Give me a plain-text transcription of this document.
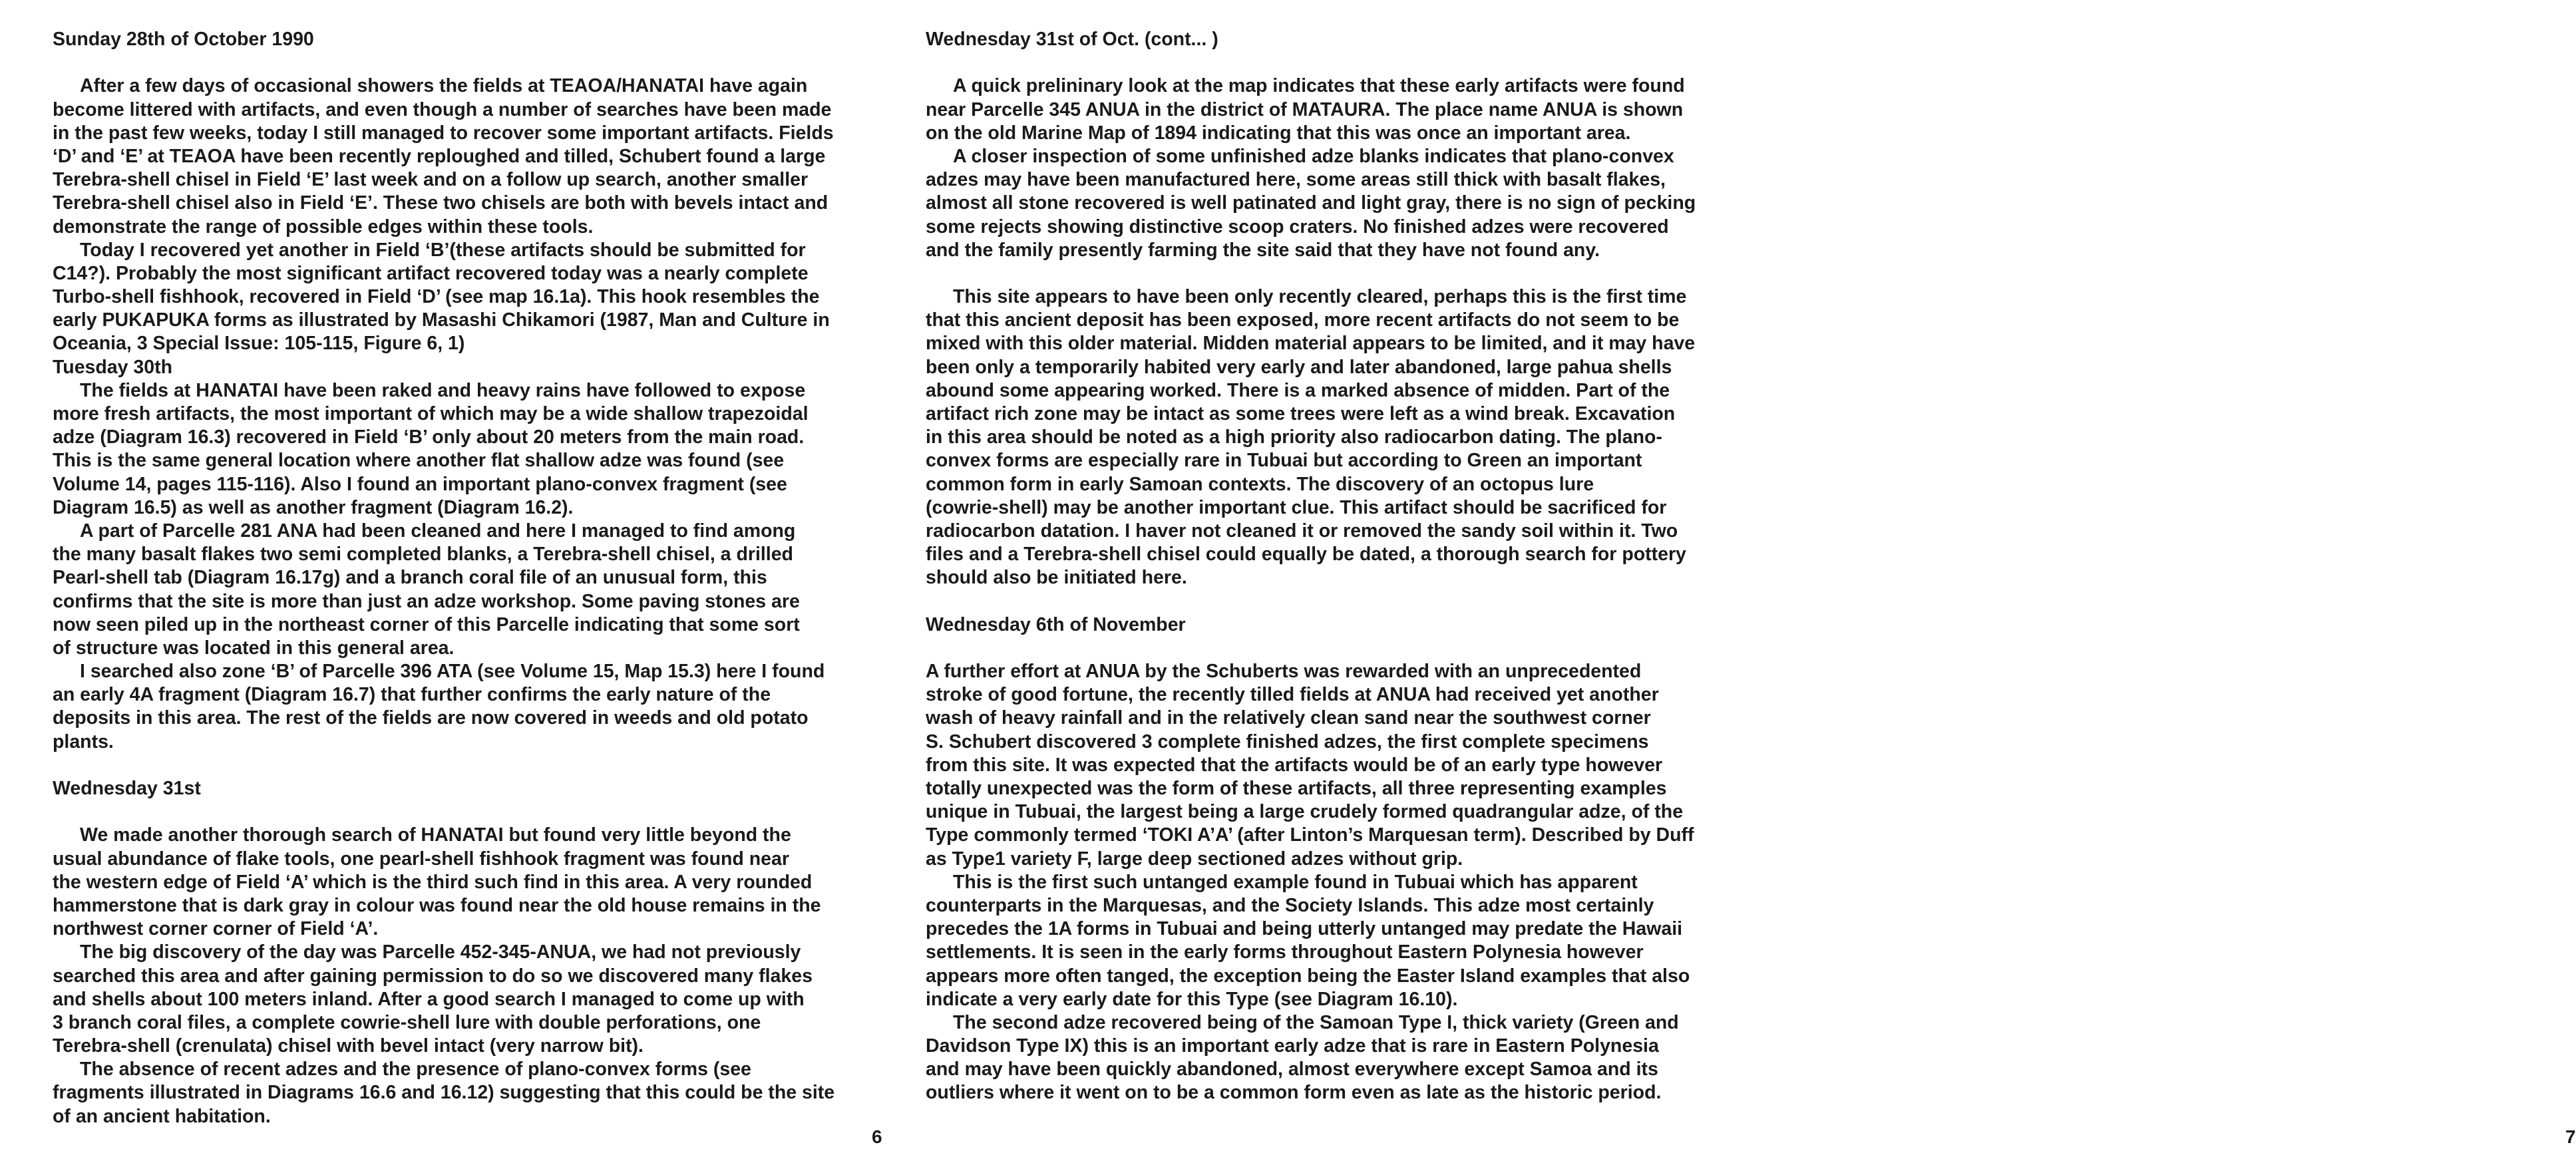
Sunday 28th of October 1990
After a few days of occasional showers the fields at TEAOA/HANATAI have again
become littered with artifacts, and even though a number of searches have been made
in the past few weeks, today I still managed to recover some important artifacts. Fields
‘D’ and ‘E’ at TEAOA have been recently reploughed and tilled, Schubert found a large
Terebra-shell chisel in Field ‘E’ last week and on a follow up search, another smaller
Terebra-shell chisel also in Field ‘E’. These two chisels are both with bevels intact and
demonstrate the range of possible edges within these tools.
Today I recovered yet another in Field ‘B’(these artifacts should be submitted for
C14?). Probably the most significant artifact recovered today was a nearly complete
Turbo-shell fishhook, recovered in Field ‘D’ (see map 16.1a). This hook resembles the
early PUKAPUKA forms as illustrated by Masashi Chikamori (1987, Man and Culture in
Oceania, 3 Special Issue: 105-115, Figure 6, 1)
Tuesday 30th
The fields at HANATAI have been raked and heavy rains have followed to expose
more fresh artifacts, the most important of which may be a wide shallow trapezoidal
adze (Diagram 16.3) recovered in Field ‘B’ only about 20 meters from the main road.
This is the same general location where another flat shallow adze was found (see
Volume 14, pages 115-116). Also I found an important plano-convex fragment (see
Diagram 16.5) as well as another fragment (Diagram 16.2).
A part of Parcelle 281 ANA had been cleaned and here I managed to find among
the many basalt flakes two semi completed blanks, a Terebra-shell chisel, a drilled
Pearl-shell tab (Diagram 16.17g) and a branch coral file of an unusual form, this
confirms that the site is more than just an adze workshop. Some paving stones are
now seen piled up in the northeast corner of this Parcelle indicating that some sort
of structure was located in this general area.
I searched also zone ‘B’ of Parcelle 396 ATA (see Volume 15, Map 15.3) here I found
an early 4A fragment (Diagram 16.7) that further confirms the early nature of the
deposits in this area. The rest of the fields are now covered in weeds and old potato
plants.
Wednesday 31st
We made another thorough search of HANATAI but found very little beyond the
usual abundance of flake tools, one pearl-shell fishhook fragment was found near
the western edge of Field ‘A’ which is the third such find in this area. A very rounded
hammerstone that is dark gray in colour was found near the old house remains in the
northwest corner corner of Field ‘A’.
The big discovery of the day was Parcelle 452-345-ANUA, we had not previously
searched this area and after gaining permission to do so we discovered many flakes
and shells about 100 meters inland. After a good search I managed to come up with
3 branch coral files, a complete cowrie-shell lure with double perforations, one
Terebra-shell (crenulata) chisel with bevel intact (very narrow bit).
The absence of recent adzes and the presence of plano-convex forms (see
fragments illustrated in Diagrams 16.6 and 16.12) suggesting that this could be the site
of an ancient habitation.
6
Wednesday 31st of Oct. (cont... )
A quick prelininary look at the map indicates that these early artifacts were found
near Parcelle 345 ANUA in the district of MATAURA. The place name ANUA is shown
on the old Marine Map of 1894 indicating that this was once an important area.
A closer inspection of some unfinished adze blanks indicates that plano-convex
adzes may have been manufactured here, some areas still thick with basalt flakes,
almost all stone recovered is well patinated and light gray, there is no sign of pecking
some rejects showing distinctive scoop craters. No finished adzes were recovered
and the family presently farming the site said that they have not found any.
This site appears to have been only recently cleared, perhaps this is the first time
that this ancient deposit has been exposed, more recent artifacts do not seem to be
mixed with this older material. Midden material appears to be limited, and it may have
been only a temporarily habited very early and later abandoned, large pahua shells
abound some appearing worked. There is a marked absence of midden. Part of the
artifact rich zone may be intact as some trees were left as a wind break. Excavation
in this area should be noted as a high priority also radiocarbon dating. The plano-
convex forms are especially rare in Tubuai but according to Green an important
common form in early Samoan contexts. The discovery of an octopus lure
(cowrie-shell) may be another important clue. This artifact should be sacrificed for
radiocarbon datation. I haver not cleaned it or removed the sandy soil within it. Two
files and a Terebra-shell chisel could equally be dated, a thorough search for pottery
should also be initiated here.
Wednesday 6th of November
A further effort at ANUA by the Schuberts was rewarded with an unprecedented
stroke of good fortune, the recently tilled fields at ANUA had received yet another
wash of heavy rainfall and in the relatively clean sand near the southwest corner
S. Schubert discovered 3 complete finished adzes, the first complete specimens
from this site. It was expected that the artifacts would be of an early type however
totally unexpected was the form of these artifacts, all three representing examples
unique in Tubuai, the largest being a large crudely formed quadrangular adze, of the
Type commonly termed ‘TOKI A’A’ (after Linton’s Marquesan term). Described by Duff
as Type1 variety F, large deep sectioned adzes without grip.
This is the first such untanged example found in Tubuai which has apparent
counterparts in the Marquesas, and the Society Islands. This adze most certainly
precedes the 1A forms in Tubuai and being utterly untanged may predate the Hawaii
settlements. It is seen in the early forms throughout Eastern Polynesia however
appears more often tanged, the exception being the Easter Island examples that also
indicate a very early date for this Type (see Diagram 16.10).
The second adze recovered being of the Samoan Type I, thick variety (Green and
Davidson Type IX) this is an important early adze that is rare in Eastern Polynesia
and may have been quickly abandoned, almost everywhere except Samoa and its
outliers where it went on to be a common form even as late as the historic period.
7
